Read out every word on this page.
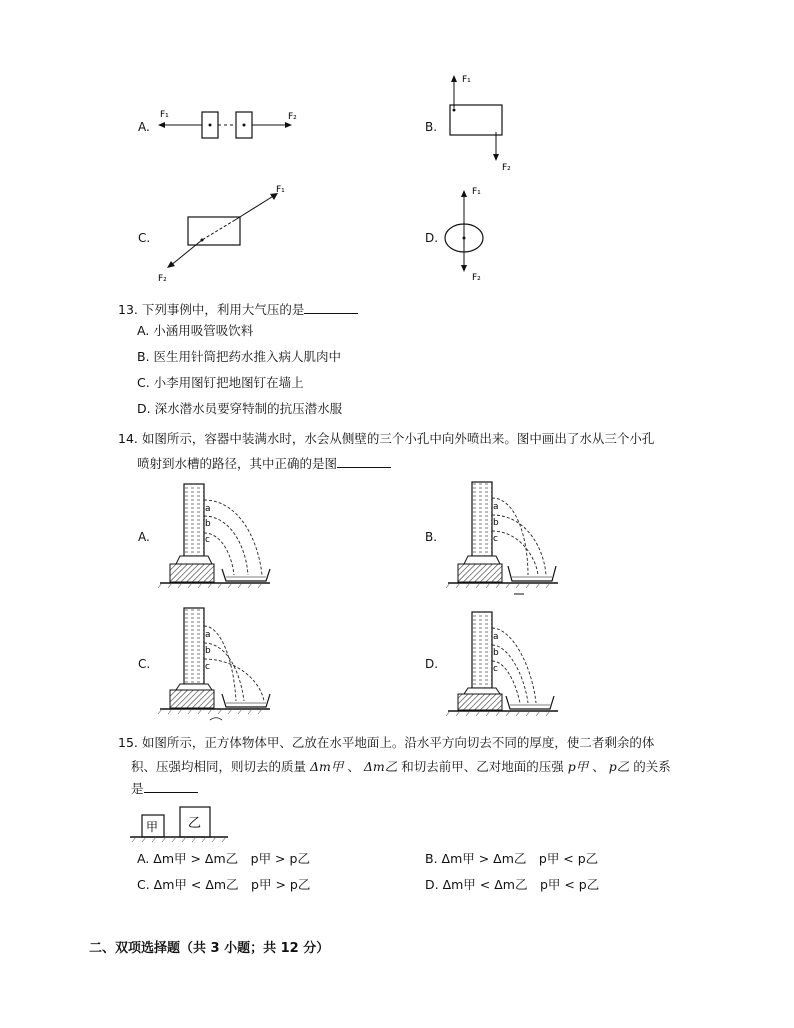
A.
F₁	F₂
B.
F₁
F₂
C.
F₁
F₂
D.
F₁
F₂
13. 下列事例中，利用大气压的是
A. 小涵用吸管吸饮料
B. 医生用针筒把药水推入病人肌肉中
C. 小李用图钉把地图钉在墙上
D. 深水潜水员要穿特制的抗压潜水服
14. 如图所示，容器中装满水时，水会从侧壁的三个小孔中向外喷出来。图中画出了水从三个小孔
喷射到水槽的路径，其中正确的是图
A.
a
b
c	B.
a
b
c
C.
a
b
c	D.
a
b
c
15. 如图所示，正方体物体甲、乙放在水平地面上。沿水平方向切去不同的厚度，使二者剩余的体
积、压强均相同，则切去的质量 Δm甲 、 Δm乙 和切去前甲、乙对地面的压强 p甲 、 p乙 的关系
是
甲 乙
A. Δm甲 > Δm乙　p甲 > p乙	B. Δm甲 > Δm乙　p甲 < p乙
C. Δm甲 < Δm乙　p甲 > p乙	D. Δm甲 < Δm乙　p甲 < p乙
二、双项选择题（共 3 小题；共 12 分）
